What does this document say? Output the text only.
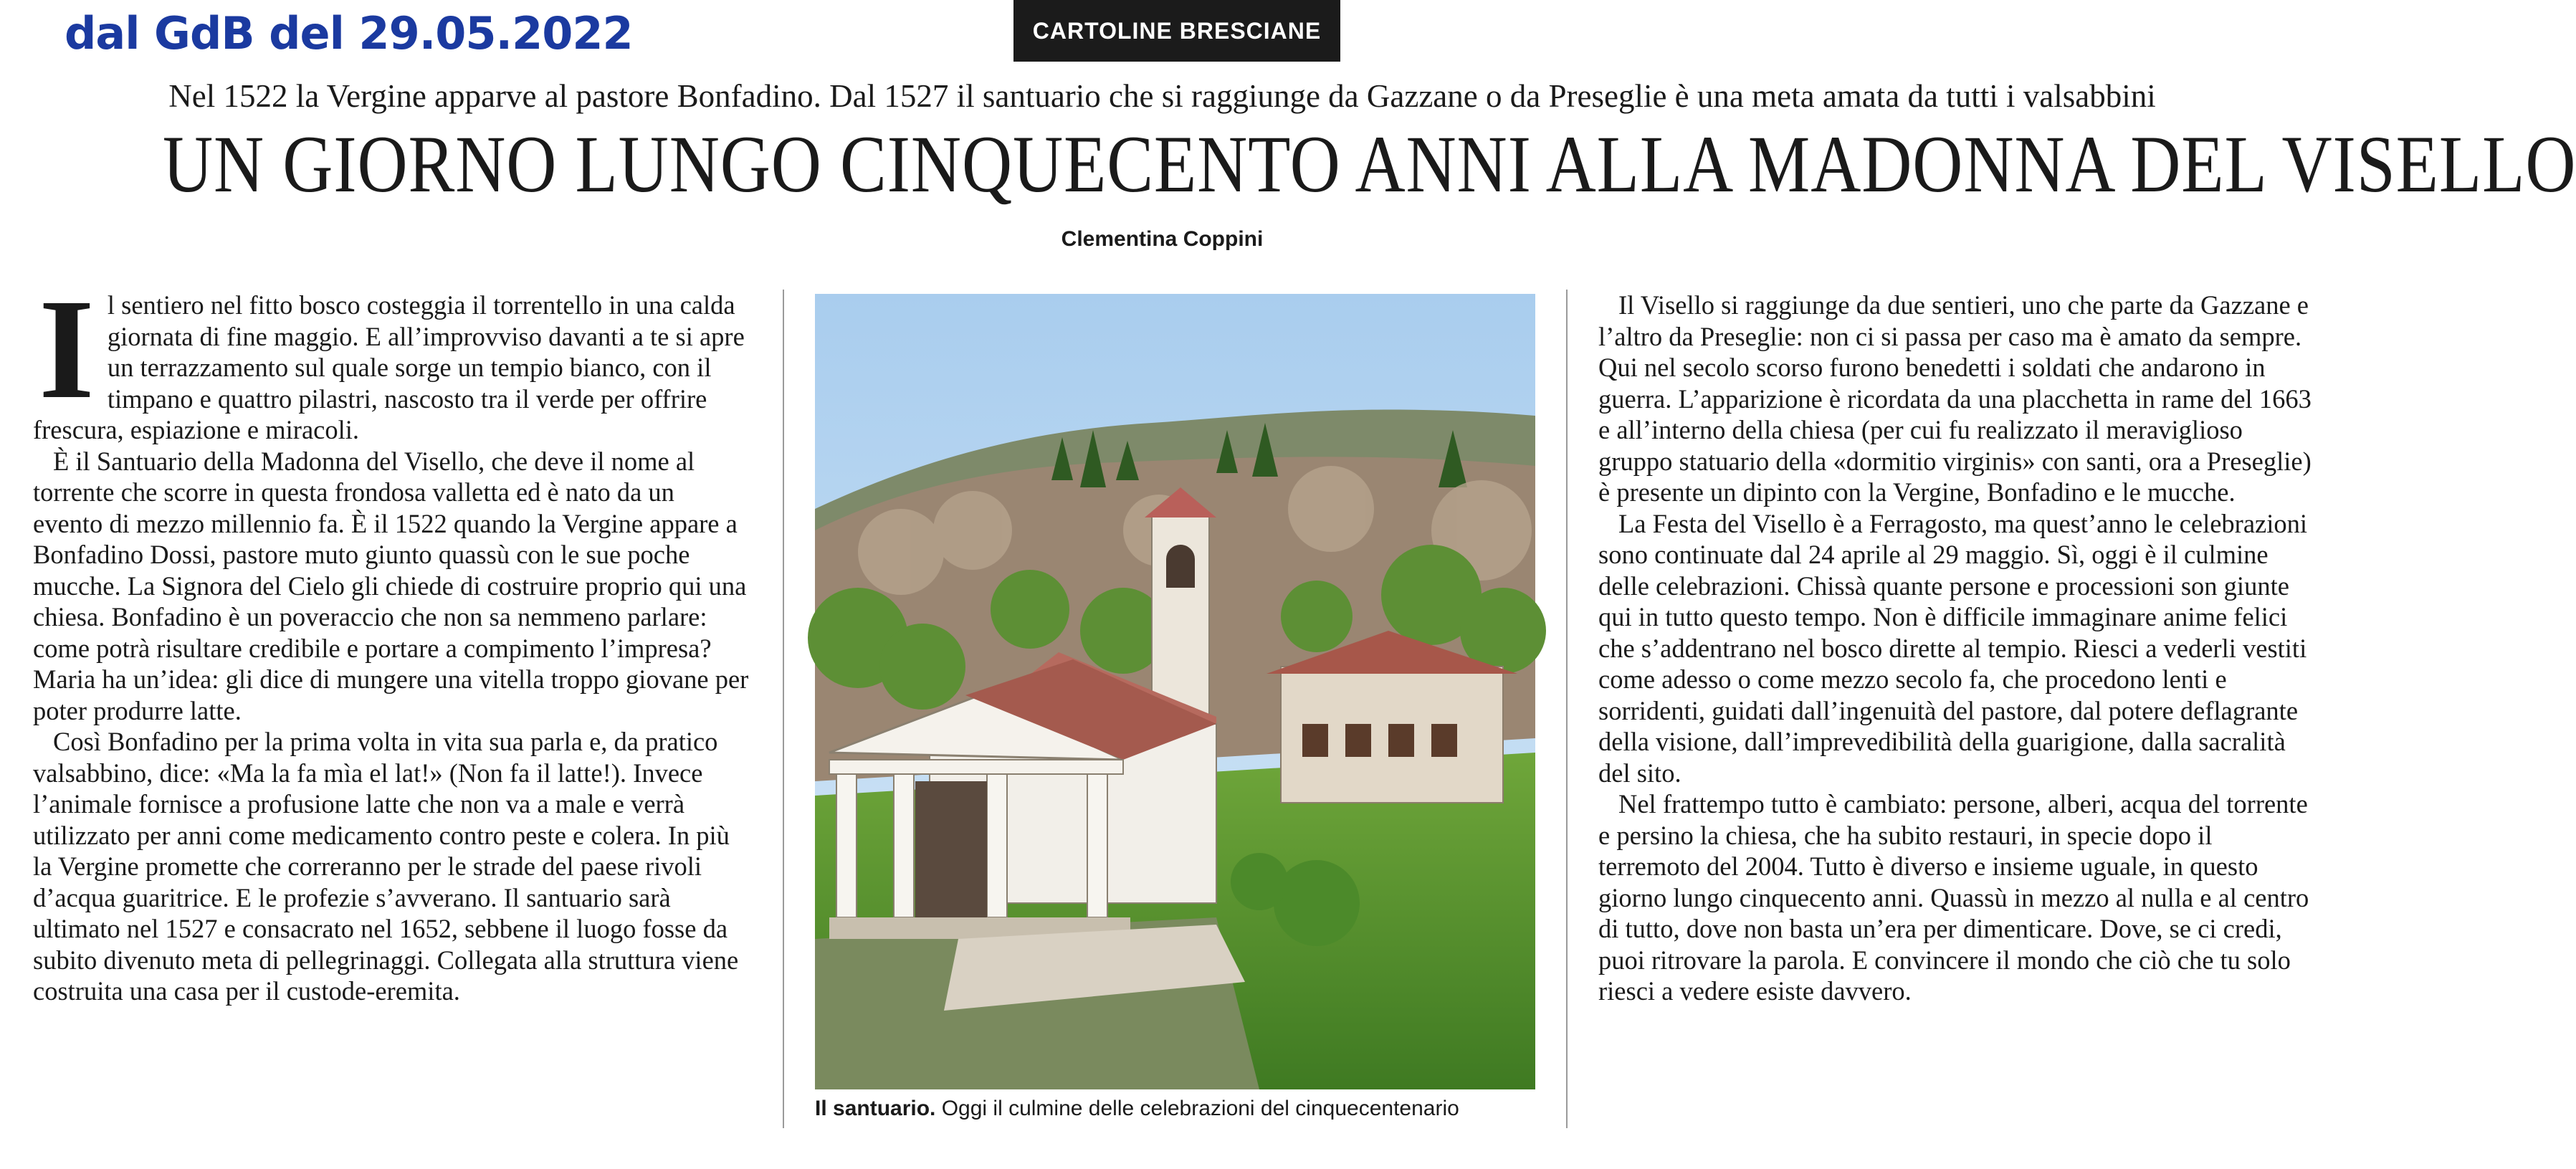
dal GdB del 29.05.2022	CARTOLINE BRESCIANE
Nel 1522 la Vergine apparve al pastore Bonfadino. Dal 1527 il santuario che si raggiunge da Gazzane o da Preseglie è una meta amata da tutti i valsabbini
UN GIORNO LUNGO CINQUECENTO ANNI ALLA MADONNA DEL VISELLO
Clementina Coppini

I l sentiero nel fitto bosco costeggia il torrentello in una calda giornata di fine maggio. E all’improvviso davanti a te si apre un terrazzamento sul quale sorge un tempio bianco, con il timpano e quattro pilastri, nascosto tra il verde per offrire frescura, espiazione e miracoli.

È il Santuario della Madonna del Visello, che deve il nome al torrente che scorre in questa frondosa valletta ed è nato da un evento di mezzo millennio fa. È il 1522 quando la Vergine appare a Bonfadino Dossi, pastore muto giunto quassù con le sue poche mucche. La Signora del Cielo gli chiede di costruire proprio qui una chiesa. Bonfadino è un poveraccio che non sa nemmeno parlare: come potrà risultare credibile e portare a compimento l’impresa? Maria ha un’idea: gli dice di mungere una vitella troppo giovane per poter produrre latte.

Così Bonfadino per la prima volta in vita sua parla e, da pratico valsabbino, dice: «Ma la fa mìa el lat!» (Non fa il latte!). Invece l’animale fornisce a profusione latte che non va a male e verrà utilizzato per anni come medicamento contro peste e colera. In più la Vergine promette che correranno per le strade del paese rivoli d’acqua guaritrice. E le profezie s’avverano. Il santuario sarà ultimato nel 1527 e consacrato nel 1652, sebbene il luogo fosse da subito divenuto meta di pellegrinaggi. Collegata alla struttura viene costruita una casa per il custode-eremita.

Il santuario. Oggi il culmine delle celebrazioni del cinquecentenario

Il Visello si raggiunge da due sentieri, uno che parte da Gazzane e l’altro da Preseglie: non ci si passa per caso ma è amato da sempre. Qui nel secolo scorso furono benedetti i soldati che andarono in guerra. L’apparizione è ricordata da una placchetta in rame del 1663 e all’interno della chiesa (per cui fu realizzato il meraviglioso gruppo statuario della «dormitio virginis» con santi, ora a Preseglie) è presente un dipinto con la Vergine, Bonfadino e le mucche.

La Festa del Visello è a Ferragosto, ma quest’anno le celebrazioni sono continuate dal 24 aprile al 29 maggio. Sì, oggi è il culmine delle celebrazioni. Chissà quante persone e processioni son giunte qui in tutto questo tempo. Non è difficile immaginare anime felici che s’addentrano nel bosco dirette al tempio. Riesci a vederli vestiti come adesso o come mezzo secolo fa, che procedono lenti e sorridenti, guidati dall’ingenuità del pastore, dal potere deflagrante della visione, dall’imprevedibilità della guarigione, dalla sacralità del sito.

Nel frattempo tutto è cambiato: persone, alberi, acqua del torrente e persino la chiesa, che ha subito restauri, in specie dopo il terremoto del 2004. Tutto è diverso e insieme uguale, in questo giorno lungo cinquecento anni. Quassù in mezzo al nulla e al centro di tutto, dove non basta un’era per dimenticare. Dove, se ci credi, puoi ritrovare la parola. E convincere il mondo che ciò che tu solo riesci a vedere esiste davvero.
